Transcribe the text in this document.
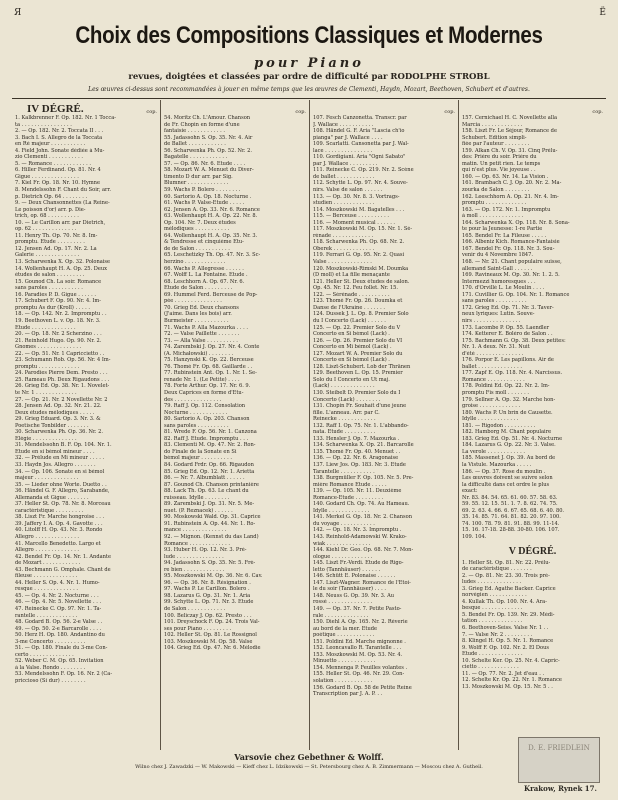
Я	Ё
Choix des Compositions Classiques et Modernes
pour Piano
revues, doigtées et classées par ordre de difficulté par RODOLPHE STROBL
Les œuvres ci-dessus sont recommandées à jouer en même temps que les œuvres de Clementi, Haydn, Mozart, Beethoven, Schubert et d'autres.
IV DÉGRÉ.	cop.
1. Kalkbrenner F. Op. 182. Nr. 1 Tocca-
ta . . . . . . . . . . . . . . . .
2. — Op. 182. Nr. 2. Toccata II . . .
3. Bach I. S. Allegro de la Toccata
en Ré majeur . . . . . . . . . . .
4. Field John. Sonate dédiée à Mu-
zio Clementi . . . . . . . . . . .
5. — Romance . . . . . . . . . . . .
6. Hiller Ferdinand. Op. 81. Nr. 4
Gigue . . . . . . . . . . . . . . .
7. Kiel Fr. Op. 18. Nr. 10. Hymne
8. Mendelssohn F. Chant du Soir, arr.
p. Dietrich Op. 64 . . . . . . . .
9. — Deux Chansonnettes (La Reine-
Le poisson d'or) arr. p. Die-
trich, op. 68 . . . . . . . . . .
10. — Le Carillon arr. par Dietrich,
op. 62 . . . . . . . . . . . . . .
11. Henry Th. Op. 70. Nr. 8. Im-
promptu. Étude . . . . . . . . .
12. Jensen Ad. Op. 17. Nr. 2. La
Galerie . . . . . . . . . . . . . .
13. Scharwenka X. Op. 32. Polonaise
14. Wollenhaupt H. A. Op. 25. Deux
études de salon . . . . . . . . .
15. Gounod Ch. La soir. Romance
sans paroles . . . . . . . . . . .
16. Paradies P. D. Gigue . . . . . .
17. Schubert F. Op. 90. Nr. 4. Im-
promptu As dur (Kroll) . . . . .
18. — Op. 142. Nr. 2. Impromptu . .
19. Beethoven L. v. Op. 18. Nr. 3.
Étude . . . . . . . . . . . . . .
20. — Op. 18. Nr. 2 Scherzino . . .
21. Reinhold Hugo. Op. 90. Nr. 2.
Gnomes . . . . . . . . . . . . . .
22. — Op. 51. Nr. 1 Capriccietto . .
23. Schumann Rob. Op. 56. Nr. 4 Im-
promptu . . . . . . . . . . . . .
24. Parodies Pierre Dem. Presto . . .
25. Rameau Ph. Deux Rigaudons . . .
26. Grieg Ed. Op. 38. Nr. 1. Novelet-
te Nr. 1 . . . . . . . . . . . . .
27. — Op. 21. Nr. 2 Novellette Nr. 2
28. Jensen Ad. Op. 32. Nr. 21. 22.
Deux études mélodiques . . . . .
29. Grieg Eduard. Op. 3. Nr. 3. &
Poetische Tonbilder . . . . . . .
30. Scharwenka Ph. Op. 36. Nr. 2.
Élégie . . . . . . . . . . . . . .
31. Mendelssohn B. F. Op. 104. Nr. 1.
Étude en si bémol mineur . . . .
32. — Prélude en Mi mineur . . . . .
33. Haydn Jos. Allegro . . . . . . .
34. — Op. 106. Sonate en si bémol
majeur . . . . . . . . . . . . . .
35. — Lieder ohne Worte. Duetto . .
36. Händel G. F. Allegro, Sarabande,
Allemanda et Gigue . . . . . . .
37. Heller St. Op. 78. Nr. 8. Morceau
caractéristique . . . . . . . . .
38. Liszt Fr. Marche hongroise . . .
39. Jaffery I. A. Op. 4. Gavotte . . .
40. Litolff H. Op. 43. Nr. 3. Rondo
Allegro . . . . . . . . . . . . . .
41. Marcello Benedetto. Largo et
Allegro . . . . . . . . . . . . . .
42. Bendel Fr. Op. 14. Nr. 1. Andante
de Mozart . . . . . . . . . . . .
43. Bechmann G. Omphale. Chant de
fileuse . . . . . . . . . . . . . .
44. Heller S. Op. 4. Nr. 1. Humo-
resque . . . . . . . . . . . . . .
45. — Op. 4. Nr. 2. Nocturne . . .
46. — Op. 4. Nr. 5. Novellette . . .
47. Reinecke C. Op. 97. Nr. 1. Ta-
rantelle . . . . . . . . . . . . .
48. Godard B. Op. 56. 2-e Valse . .
49. — Op. 50. 2-e Barcarolle . . . .
50. Herz H. Op. 180. Andantino du
3-me Concerto . . . . . . . . . .
51. — Op. 180. Finale du 3-me Con-
certo . . . . . . . . . . . . . .
52. Weber C. M. Op. 65. Invitation
à la Valse. Rondo . . . . . . . .
53. Mendelssohn F. Op. 16. Nr. 2 (Ca-
priccioso (Si dur) . . . . . . . .
cop.
54. Moritz Ch. L'Amour. Chanson
de Fr. Chopin en forme d'une
fantaisie . . . . . . . . . . . .
55. Jadassohn S. Op. 35. Nr. 4. Air
de Ballet . . . . . . . . . . . .
56. Scharwenka Ph. Op. 52. Nr. 2.
Bagatelle . . . . . . . . . . . .
57. — Op. 86. Nr. 6. Étude . . . .
58. Mozart W. A. Menuet du Diver-
timento D dur arr. par Sig.
Blumner . . . . . . . . . . . . .
59. Wachs P. Bolero . . . . . . . .
60. Sartorio A. Op. 18. Nocturne .
61. Wachs P. Valse-Étude . . . . .
62. Jensen A. Op. 33. Nr. 6. Romance
63. Wollenhaupt H. A. Op. 22. Nr. 8.
Op. 104. Nr. 7. Deux études
mélodiques . . . . . . . . . . .
64. Wollenhaupt H. A. Op. 35. Nr. 3.
& Tendresse et cinquième Étu-
de de Salon . . . . . . . . . . .
65. Leschetizky Th. Op. 47. Nr. 3. Sc-
herzino . . . . . . . . . . . . .
66. Wachs P. Allegresse . . . . . .
67. Wolff L. La Fontaine. Étude .
68. Leschhorn A. Op. 67. Nr. 6.
Étude de Salon . . . . . . . . .
69. Hummel Ferd. Berceuse de Pop-
pée . . . . . . . . . . . . . . .
70. Grieg Ed. Deux chansons
(J'aime. Dans les bois) arr.
Burmeister . . . . . . . . . . .
71. Wachs P. Alla Mazourka . . . .
72. — Valse Paillette . . . . . . .
73. — Alla Valse . . . . . . . . . .
74. Zarembski J. Op. 27. Nr. 4. Conte
(A. Michałowski) . . . . . . . .
75. Hanzynski K. Op. 22. Berceuse
76. Thomé Fr. Op. 68. Gaillarde . .
77. Rubinstein Ant. Op. 1. Nr. 1. Se-
renade Nr. 1. (Le Petite) . . . .
78. Forte Arthur. Op. 17. Nr. 6. 9.
Deux Caprices en forme d'Étu-
des . . . . . . . . . . . . . . .
79. Raff J. Op. 112. Consolation
Nocturne . . . . . . . . . . . .
80. Sartorio A. Op. 203. Chanson
sans paroles . . . . . . . . . .
81. Wrede F. Op. 56. Nr. 1. Canzona
82. Raff J. Étude. Impromptu . . .
83. Clementi M. Op. 47. Nr. 2. Ron-
do Finale de la Sonate en Si
bémol majeur . . . . . . . . . .
84. Godard Frdr. Op. 66. Rigaudon
85. Grieg Ed. Op. 12. Nr. 1. Arietta
86. — Nr. 7. Albumblatt . . . . . .
87. Gounod Ch. Chanson printanière
88. Lack Th. Op. 63. Le chant du
ruisseau. Idylle . . . . . . . .
89. Zarembski J. Op. 31. Nr. 5. Me-
nuet. (P. Reznacek) . . . . . .
90. Moskowski Wald. Op. 31. Caprice
91. Rubinstein A. Op. 44. Nr. 1. Ro-
mance . . . . . . . . . . . . . .
92. — Mignon. (Kennst du das Land)
Romance . . . . . . . . . . . . .
93. Huber H. Op. 12. Nr. 3. Pré-
lude . . . . . . . . . . . . . . .
94. Jadassohn S. Op. 35. Nr. 5. Frè-
re bien . . . . . . . . . . . . .
95. Moszkowski M. Op. 36. Nr. 6. Cav.
96. — Op. 36. Nr. 8. Résignation .
97. Wachs P. Le Carillon. Bolero .
98. Lazarus G. Op. 31. Nr. 1. Aria
99. Schytte L. Op. 71. Nr. 3. Étude
de Salon . . . . . . . . . . . .
100. Beliczay J. Op. 62. Presto . . .
101. Dreyschock F. Op. 24. Trois Val-
ses pour Piano . . . . . . . . .
102. Heller St. Op. 81. Le Rossignol
103. Moszkowski M. Op. 58. Valse
104. Grieg Ed. Op. 47. Nr. 6. Mélodie
cop.
107. Fesch Canzonetta. Transcr. par
J. Wallace . . . . . . . . . . .
108. Händel G. F. Aria "Lascia ch'io
pianga" par J. Wallace . . . .
109. Scarlatti. Cansonetta par J. Wal-
lace . . . . . . . . . . . . . . .
110. Gordigiani. Aria "Ogni Sabato"
par J. Wallace . . . . . . . . .
111. Reinecke C. Op. 219. Nr. 2. Scène
de ballet . . . . . . . . . . . .
112. Schytte L. Op. 97. Nr. 4. Souve-
nirs. Valse de salon . . . . . .
113. — Op. 30. Nr. 8. 3. Vortrags-
studien . . . . . . . . . . . . .
114. Moszkowski M. Bagatelles . . .
115. — Berceuse . . . . . . . . . .
116. — Moment musical . . . . . .
117. Moszkowski M. Op. 15. Nr. 1. Sé-
rénade . . . . . . . . . . . . .
118. Scharwenka Ph. Op. 68. Nr. 2.
Oberek . . . . . . . . . . . . .
119. Ferrari G. Op. 95. Nr. 2. Quasi
Valse . . . . . . . . . . . . . .
120. Moszkowski-Rimski M. Doumka
(D moll) et La fille menaçante
121. Heller St. Deux études de salon.
Op. 45. Nr. 12. Feu follet. Nr. 15.
122. — Sérénade . . . . . . . . . .
123. Thomé Fr. Op. 26. Doumka et
Danse de l'Ukraine . . . . . . .
124. Dussek J. L. Op. 8. Premier Solo
du I Concerto (Lack) . . . . . .
125. — Op. 22. Premier Solo du V
Concerto en Si bémol (Lack) .
126. — Op. 26. Premier Solo du VI
Concerto en Mi bémol (Lack) .
127. Mozart W. A. Premier Solo du
Concerto en Si bémol (Lack) .
128. Liszt-Schubert. Lob der Thränen
129. Beethoven L. Op. 15. Premier
Solo du I Concerto en Ut maj.
(Lack) . . . . . . . . . . . . . .
130. Steibelt D. Premier Solo du I
Concerto (Lack) . . . . . . . .
131. Chopin Fr. Souhait d'une jeune
fille. L'anneau. Arr. par C.
Reinecke . . . . . . . . . . . .
132. Raff I. Op. 75. Nr. 1. L'abbando-
nata. Étude . . . . . . . . . .
133. Hensler J. Op. 7. Mazourka .
134. Scharwenka X. Op. 21. Barcarolle
135. Thomé Fr. Op. 40. Menuet . .
136. — Op. 22. Nr. 6. Aragonaise
137. Liew Jos. Op. 183. Nr. 3. Étude
Tarantelle . . . . . . . . . . .
138. Burgmüller F. Op. 105. Nr. 5. Pre-
mière Romance Étude . . . . .
139. — Op. 105. Nr. 11. Deuxième
Romance-Étude . . . . . . . . .
140. Godard Ch. Op. 74. Au Hameau.
Idylle . . . . . . . . . . . . .
141. Merkel G. Op. 18. Nr. 2. Chanson
du voyage . . . . . . . . . . .
142. — Op. 18. Nr. 3. Impromptu .
143. Reinhold-Adamowski W. Krako-
wiak . . . . . . . . . . . . . .
144. Kiehl Dr. Geo. Op. 68. Nr. 7. Mon-
ologue . . . . . . . . . . . . .
145. Liszt Fr.-Verdi. Etude de Rigo-
letto (Tannhäuser) . . . . . .
146. Schütt E. Polonaise . . . . . .
147. Liszt-Wagner. Romance de l'Étoi-
le du soir (Tannhäuser) . . . .
148. Neuss G. Op. 39. Nr. 3. Au
rossé . . . . . . . . . . . . . .
149. — Op. 37. Nr. 7. Petite Pasto-
rale . . . . . . . . . . . . . .
150. Diehl A. Op. 165. Nr. 2. Réverie
au bord de la mer. Étude
poétique . . . . . . . . . . . .
151. Poldini Ed. Marche mignonne .
152. Leoncavallo R. Tarantelle . . .
153. Moszkowski M. Op. 53. Nr. 4.
Minuetto . . . . . . . . . . . .
154. Mennenga P. Feuilles volantes .
155. Heller St. Op. 46. Nr. 29. Con-
solation . . . . . . . . . . . .
156. Godard B. Op. 58 de Petite Reine
Transcription par J. A. P. . .
cop.
157. Cernichael H. C. Novellette alla
Marcia . . . . . . . . . . . . .
158. Liszt Fr. Le Séjour, Romance de
Schubert. Édition simpli-
fiée par l'auteur . . . . . . . .
159. Alkan Ch. V. Op. 31. Cinq Prélu-
des: Prière du soir. Prière du
matin. Un petit rien. Le temps
qui n'est plus. Vie joyeuse . .
160. — Op. 63. Nr. 14. La Vision .
161. Brambach C. J. Op. 20. Nr. 2. Ma-
zourka de Salon . . . . . . . .
162. Leeschhorn A. Op. 21. Nr. 4. Im-
promptu . . . . . . . . . . . . .
163. — Op. 172. Nr. 1. Impromptu
à moll . . . . . . . . . . . . . .
164. Scharwenka X. Op. 118. Nr. 8. Sona-
te pour la Jeunesse: 1-re Partie
165. Bendel Fr. La Fileuse . . . . .
166. Albeniz Kich. Romance-Fantaisie
167. Bendel Fr. Op. 118. Nr. 3. Sou-
venir du 4 Novembre 1847.
168. — Nr. 21. Chant populaire suisse,
allemand Saint-Gall . . . . . .
169. Ravineaux M. Op. 30. Nr. 1. 2. 5.
Intermezzi humoresques . . .
170. d'Orvillé L. Le Moulin . . . .
171. Cuvillier G. Op. 104. Nr. 1. Romance
sans paroles . . . . . . . . . .
172. Grieg Ed. Op. 71. Nr. 3. Taver-
neux lyriques: Lutin. Souve-
nirs . . . . . . . . . . . . . . .
173. Lacombe P. Op. 55. Laendler
174. Ketterer E. Boléro de Salon . .
175. Bachmann G. Op. 38. Deux petites:
Nr. 1. À deux. Nr. 31. Nuit
d'été . . . . . . . . . . . . . . .
176. Porpor E. Les papillons. Air de
ballet . . . . . . . . . . . . . .
177. Zapf E. Op. 118. Nr. 4. Narcissus.
Romance . . . . . . . . . . . .
178. Poldini Ed. Op. 22. Nr. 2. Im-
promptu Fis moll . . . . . . .
179. Sellner A. Op. 32. Marche hon-
groise . . . . . . . . . . . . .
180. Wachs P. Un brin de Causette.
Idylle . . . . . . . . . . . . .
181. — Rigodon . . . . . . . . . .
182. Hamborg M. Chant populaire
183. Grieg Ed. Op. 51. Nr. 4. Nocturne
184. Lazarus G. Op. 22. Nr. 3. Valse.
La verole . . . . . . . . . . . .
185. Massenet J. Op. 39. Au bord de
la Vistule. Mazourka . . . . .
186. — Op. 37. Rose du moulin .
Les œuvres doivent se suivre selon
la difficulté dans cet ordre le plus
exact:
Nr. 83. 84. 54. 65. 61. 60. 57. 58. 63.
59. 55. 12. 15. 51. 1. 7. 8. 62. 74. 75.
69. 2. 63. 4. 66. 6. 67. 65. 68. 6. 40. 80.
35. 14. 85. 71. 64. 81. 82. 20. 97. 100.
74. 100. 78. 79. 81. 91. 88. 99. 11-14.
15. 16. 17-18. 28-88. 30-80. 106. 107.
109. 104.
V DÉGRÉ.
1. Heller St. Op. 81. Nr. 22. Prélu-
de caractéristique . . . . . . .
2. — Op. 81. Nr. 23. 30. Trois pré-
ludes . . . . . . . . . . . . . .
3. Grieg Ed. Agathe Backer. Caprice
norvégien . . . . . . . . . . . .
4. Kullak Th. Op. 100. Nr. 4. Ara-
besque . . . . . . . . . . . . .
5. Bendel Fr. Op. 139. Nr. 29. Médi-
tation . . . . . . . . . . . . . .
6. Beethoven-Seiss. Valse Nr. 1 . .
7. — Valse Nr. 2 . . . . . . . . .
8. Klingel H. Op. 5. Nr. 1. Romance
9. Wolff F. Op. 102. Nr. 2. El Dous
Étude . . . . . . . . . . . . . .
10. Schelte Ker. Op. 25. Nr. 4. Capric-
cietto . . . . . . . . . . . . .
11. — Op. 77. Nr. 2. Jet d'eau . .
12. Schelte Kr. Op. 22. Nr. 1. Romance
13. Moszkowski M. Op. 15. Nr. 5 . .
Varsovie chez Gebethner & Wolff.
Wilno chez J. Zawadzki — W. Makowski — Kieff chez L. Idzikowski — St. Petersbourg chez A. B. Zimmermann — Moscou chez A. Gutheil.
D. E. FRIEDLEIN
Krakow, Rynek 17.
